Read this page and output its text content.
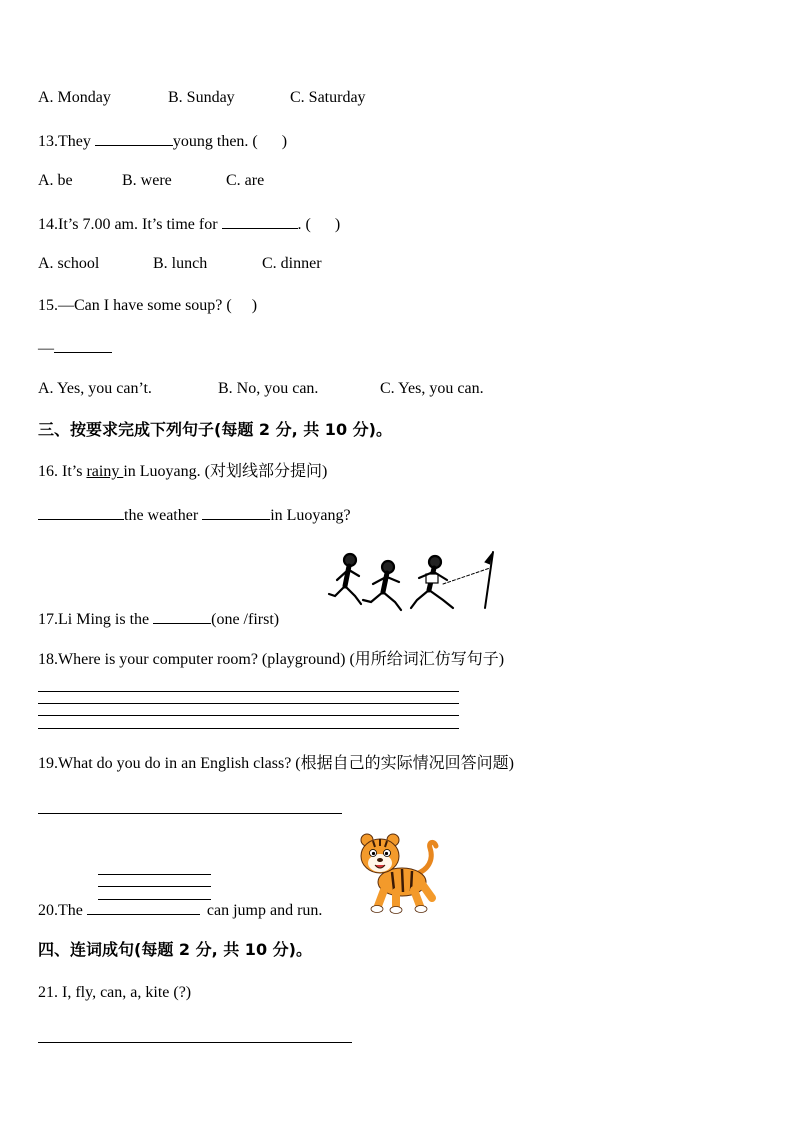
A. Monday	B. Sunday	C. Saturday
13.They	young then. ( )
A. be	B. were	C. are
14.It’s 7.00 am. It’s time for	. ( )
A. school	B. lunch	C. dinner
15.—Can I have some soup? ( )
—
A. Yes, you can’t.	B. No, you can.	C. Yes, you can.
三、按要求完成下列句子(每题 2 分, 共 10 分)。
16. It’s rainy in Luoyang. (对划线部分提问)
the weather	in Luoyang?
17.Li Ming is the	(one /first)
18.Where is your computer room? (playground) (用所给词汇仿写句子)
19.What do you do in an English class? (根据自己的实际情况回答问题)
20.The	can jump and run.
四、连词成句(每题 2 分, 共 10 分)。
21. I, fly, can, a, kite (?)
